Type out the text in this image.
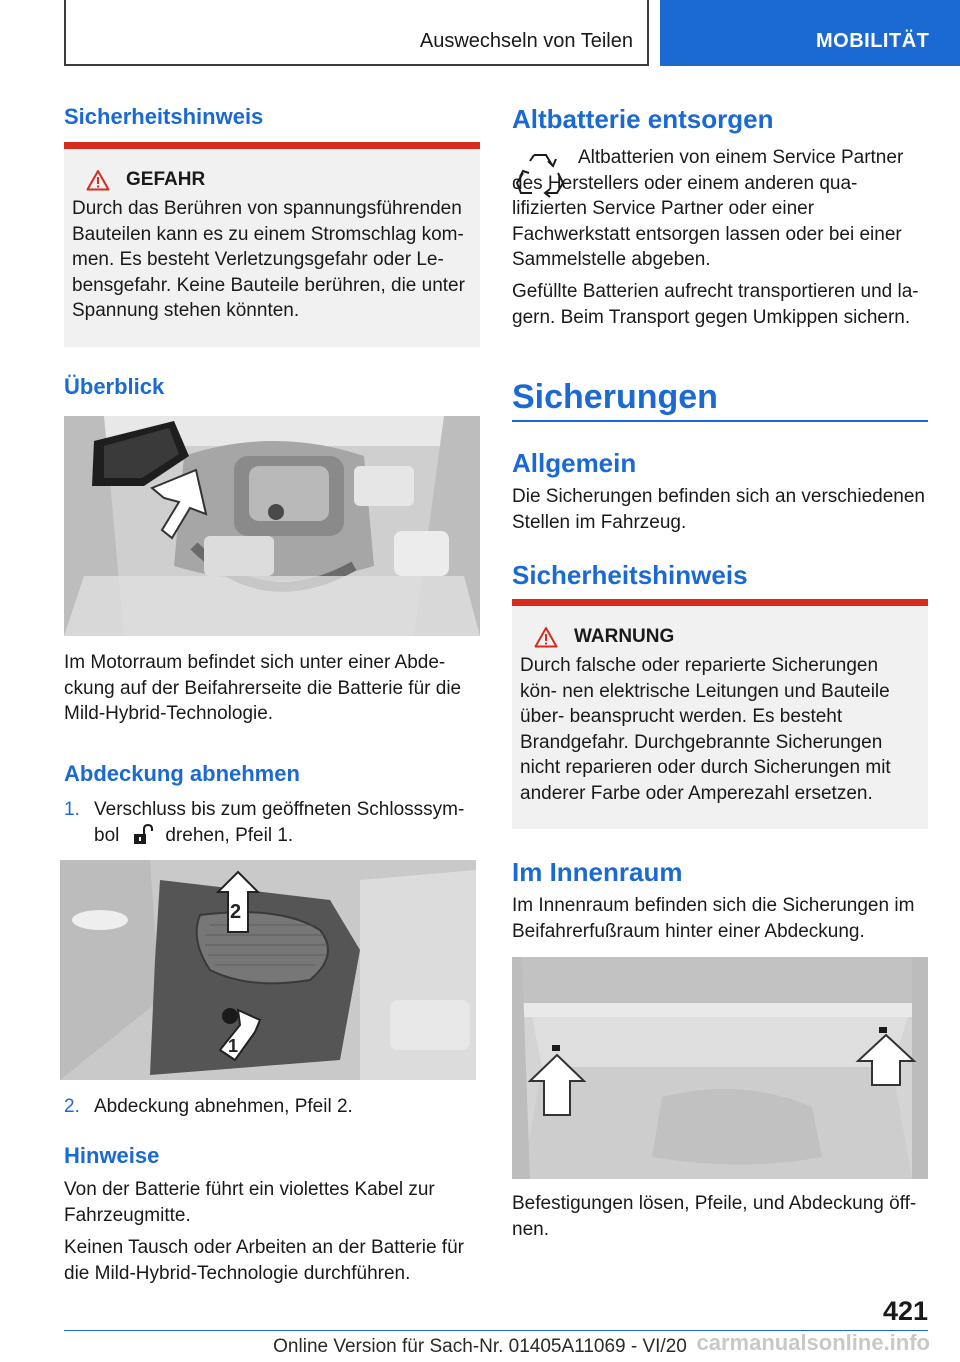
Auswechseln von Teilen	MOBILITÄT
Sicherheitshinweis
GEFAHR
Durch das Berühren von spannungsführenden Bauteilen kann es zu einem Stromschlag kom- men. Es besteht Verletzungsgefahr oder Le- bensgefahr. Keine Bauteile berühren, die unter Spannung stehen könnten.
Überblick
Im Motorraum befindet sich unter einer Abde- ckung auf der Beifahrerseite die Batterie für die Mild-Hybrid-Technologie.
Abdeckung abnehmen
1. Verschluss bis zum geöffneten Schlosssym-
bol drehen, Pfeil 1.
2
1
2. Abdeckung abnehmen, Pfeil 2.
Hinweise
Von der Batterie führt ein violettes Kabel zur Fahrzeugmitte.
Keinen Tausch oder Arbeiten an der Batterie für die Mild-Hybrid-Technologie durchführen.
Altbatterie entsorgen
Altbatterien von einem Service Partner des Herstellers oder einem anderen qua- lifizierten Service Partner oder einer Fachwerkstatt entsorgen lassen oder bei einer Sammelstelle abgeben.
Gefüllte Batterien aufrecht transportieren und la- gern. Beim Transport gegen Umkippen sichern.
Sicherungen
Allgemein
Die Sicherungen befinden sich an verschiedenen Stellen im Fahrzeug.
Sicherheitshinweis
WARNUNG
Durch falsche oder reparierte Sicherungen kön- nen elektrische Leitungen und Bauteile über- beansprucht werden. Es besteht Brandgefahr. Durchgebrannte Sicherungen nicht reparieren oder durch Sicherungen mit anderer Farbe oder Amperezahl ersetzen.
Im Innenraum
Im Innenraum befinden sich die Sicherungen im Beifahrerfußraum hinter einer Abdeckung.
Befestigungen lösen, Pfeile, und Abdeckung öff- nen.
421
carmanualsonline.info
Online Version für Sach-Nr. 01405A11069 - VI/20
